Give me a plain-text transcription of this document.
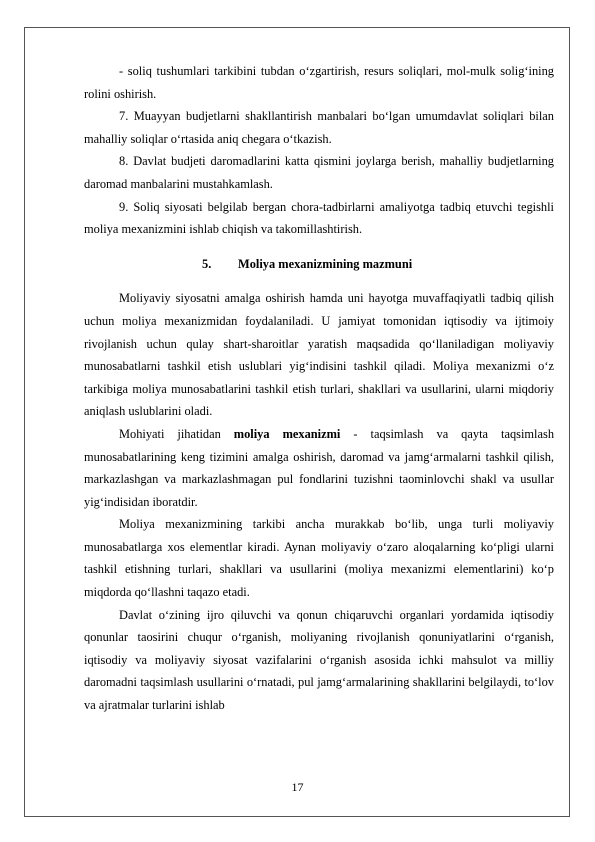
- soliq tushumlari tarkibini tubdan o‘zgartirish, resurs soliqlari, mol-mulk solig‘ining rolini oshirish.

7. Muayyan budjetlarni shakllantirish manbalari bo‘lgan umumdavlat soliqlari bilan mahalliy soliqlar o‘rtasida aniq chegara o‘tkazish.

8. Davlat budjeti daromadlarini katta qismini joylarga berish, mahalliy budjetlarning daromad manbalarini mustahkamlash.

9. Soliq siyosati belgilab bergan chora-tadbirlarni amaliyotga tadbiq etuvchi tegishli moliya mexanizmini ishlab chiqish va takomillashtirish.

5. Moliya mexanizmining mazmuni

Moliyaviy siyosatni amalga oshirish hamda uni hayotga muvaffaqiyatli tadbiq qilish uchun moliya mexanizmidan foydalaniladi. U jamiyat tomonidan iqtisodiy va ijtimoiy rivojlanish uchun qulay shart-sharoitlar yaratish maqsadida qo‘llaniladigan moliyaviy munosabatlarni tashkil etish uslublari yig‘indisini tashkil qiladi. Moliya mexanizmi o‘z tarkibiga moliya munosabatlarini tashkil etish turlari, shakllari va usullarini, ularni miqdoriy aniqlash uslublarini oladi.

Mohiyati jihatidan moliya mexanizmi - taqsimlash va qayta taqsimlash munosabatlarining keng tizimini amalga oshirish, daromad va jamg‘armalarni tashkil qilish, markazlashgan va markazlashmagan pul fondlarini tuzishni taominlovchi shakl va usullar yig‘indisidan iboratdir.

Moliya mexanizmining tarkibi ancha murakkab bo‘lib, unga turli moliyaviy munosabatlarga xos elementlar kiradi. Aynan moliyaviy o‘zaro aloqalarning ko‘pligi ularni tashkil etishning turlari, shakllari va usullarini (moliya mexanizmi elementlarini) ko‘p miqdorda qo‘llashni taqazo etadi.

Davlat o‘zining ijro qiluvchi va qonun chiqaruvchi organlari yordamida iqtisodiy qonunlar taosirini chuqur o‘rganish, moliyaning rivojlanish qonuniyatlarini o‘rganish, iqtisodiy va moliyaviy siyosat vazifalarini o‘rganish asosida ichki mahsulot va milliy daromadni taqsimlash usullarini o‘rnatadi, pul jamg‘armalarining shakllarini belgilaydi, to‘lov va ajratmalar turlarini ishlab

17
